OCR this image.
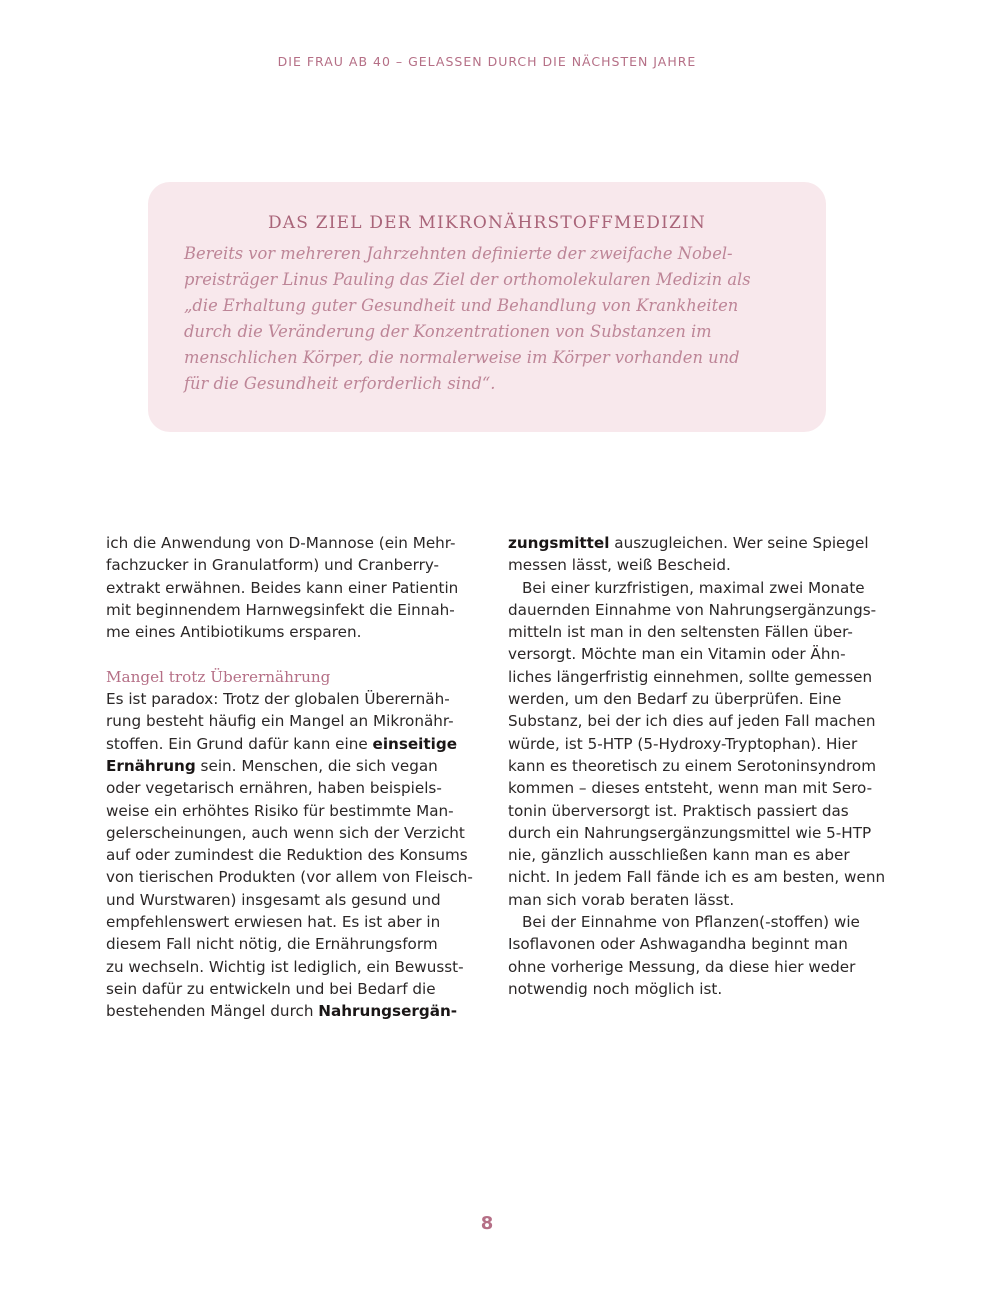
DIE FRAU AB 40 – GELASSEN DURCH DIE NÄCHSTEN JAHRE
DAS ZIEL DER MIKRONÄHRSTOFFMEDIZIN

Bereits vor mehreren Jahrzehnten definierte der zweifache Nobel-
preisträger Linus Pauling das Ziel der orthomolekularen Medizin als
„die Erhaltung guter Gesundheit und Behandlung von Krankheiten
durch die Veränderung der Konzentrationen von Substanzen im
menschlichen Körper, die normalerweise im Körper vorhanden und
für die Gesundheit erforderlich sind“.

ich die Anwendung von D-Mannose (ein Mehr-
fachzucker in Granulatform) und Cranberry-
extrakt erwähnen. Beides kann einer Patientin
mit beginnendem Harnwegsinfekt die Einnah-
me eines Antibiotikums ersparen.
Mangel trotz Überernährung
Es ist paradox: Trotz der globalen Überernäh-
rung besteht häufig ein Mangel an Mikronähr-
stoffen. Ein Grund dafür kann eine einseitige
Ernährung sein. Menschen, die sich vegan
oder vegetarisch ernähren, haben beispiels-
weise ein erhöhtes Risiko für bestimmte Man-
gelerscheinungen, auch wenn sich der Verzicht
auf oder zumindest die Reduktion des Konsums
von tierischen Produkten (vor allem von Fleisch-
und Wurstwaren) insgesamt als gesund und
empfehlenswert erwiesen hat. Es ist aber in
diesem Fall nicht nötig, die Ernährungsform
zu wechseln. Wichtig ist lediglich, ein Bewusst-
sein dafür zu entwickeln und bei Bedarf die
bestehenden Mängel durch Nahrungsergän-
zungsmittel auszugleichen. Wer seine Spiegel
messen lässt, weiß Bescheid.
Bei einer kurzfristigen, maximal zwei Monate
dauernden Einnahme von Nahrungsergänzungs-
mitteln ist man in den seltensten Fällen über-
versorgt. Möchte man ein Vitamin oder Ähn-
liches längerfristig einnehmen, sollte gemessen
werden, um den Bedarf zu überprüfen. Eine
Substanz, bei der ich dies auf jeden Fall machen
würde, ist 5-HTP (5-Hydroxy-Tryptophan). Hier
kann es theoretisch zu einem Serotoninsyndrom
kommen – dieses entsteht, wenn man mit Sero-
tonin überversorgt ist. Praktisch passiert das
durch ein Nahrungsergänzungsmittel wie 5-HTP
nie, gänzlich ausschließen kann man es aber
nicht. In jedem Fall fände ich es am besten, wenn
man sich vorab beraten lässt.
Bei der Einnahme von Pflanzen(-stoffen) wie
Isoflavonen oder Ashwagandha beginnt man
ohne vorherige Messung, da diese hier weder
notwendig noch möglich ist.
8
